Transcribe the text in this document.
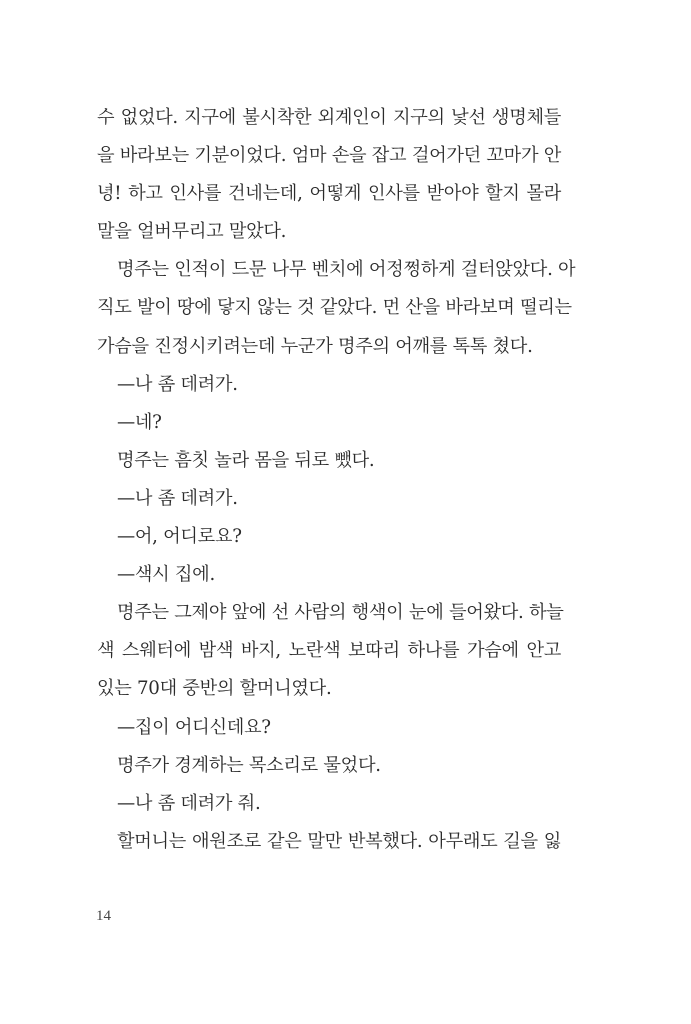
수 없었다. 지구에 불시착한 외계인이 지구의 낯선 생명체들
을 바라보는 기분이었다. 엄마 손을 잡고 걸어가던 꼬마가 안
녕! 하고 인사를 건네는데, 어떻게 인사를 받아야 할지 몰라
말을 얼버무리고 말았다.
명주는 인적이 드문 나무 벤치에 어정쩡하게 걸터앉았다. 아
직도 발이 땅에 닿지 않는 것 같았다. 먼 산을 바라보며 떨리는
가슴을 진정시키려는데 누군가 명주의 어깨를 톡톡 쳤다.
—나 좀 데려가.
—네?
명주는 흠칫 놀라 몸을 뒤로 뺐다.
—나 좀 데려가.
—어, 어디로요?
—색시 집에.
명주는 그제야 앞에 선 사람의 행색이 눈에 들어왔다. 하늘
색 스웨터에 밤색 바지, 노란색 보따리 하나를 가슴에 안고
있는 70대 중반의 할머니였다.
—집이 어디신데요?
명주가 경계하는 목소리로 물었다.
—나 좀 데려가 줘.
할머니는 애원조로 같은 말만 반복했다. 아무래도 길을 잃
14
